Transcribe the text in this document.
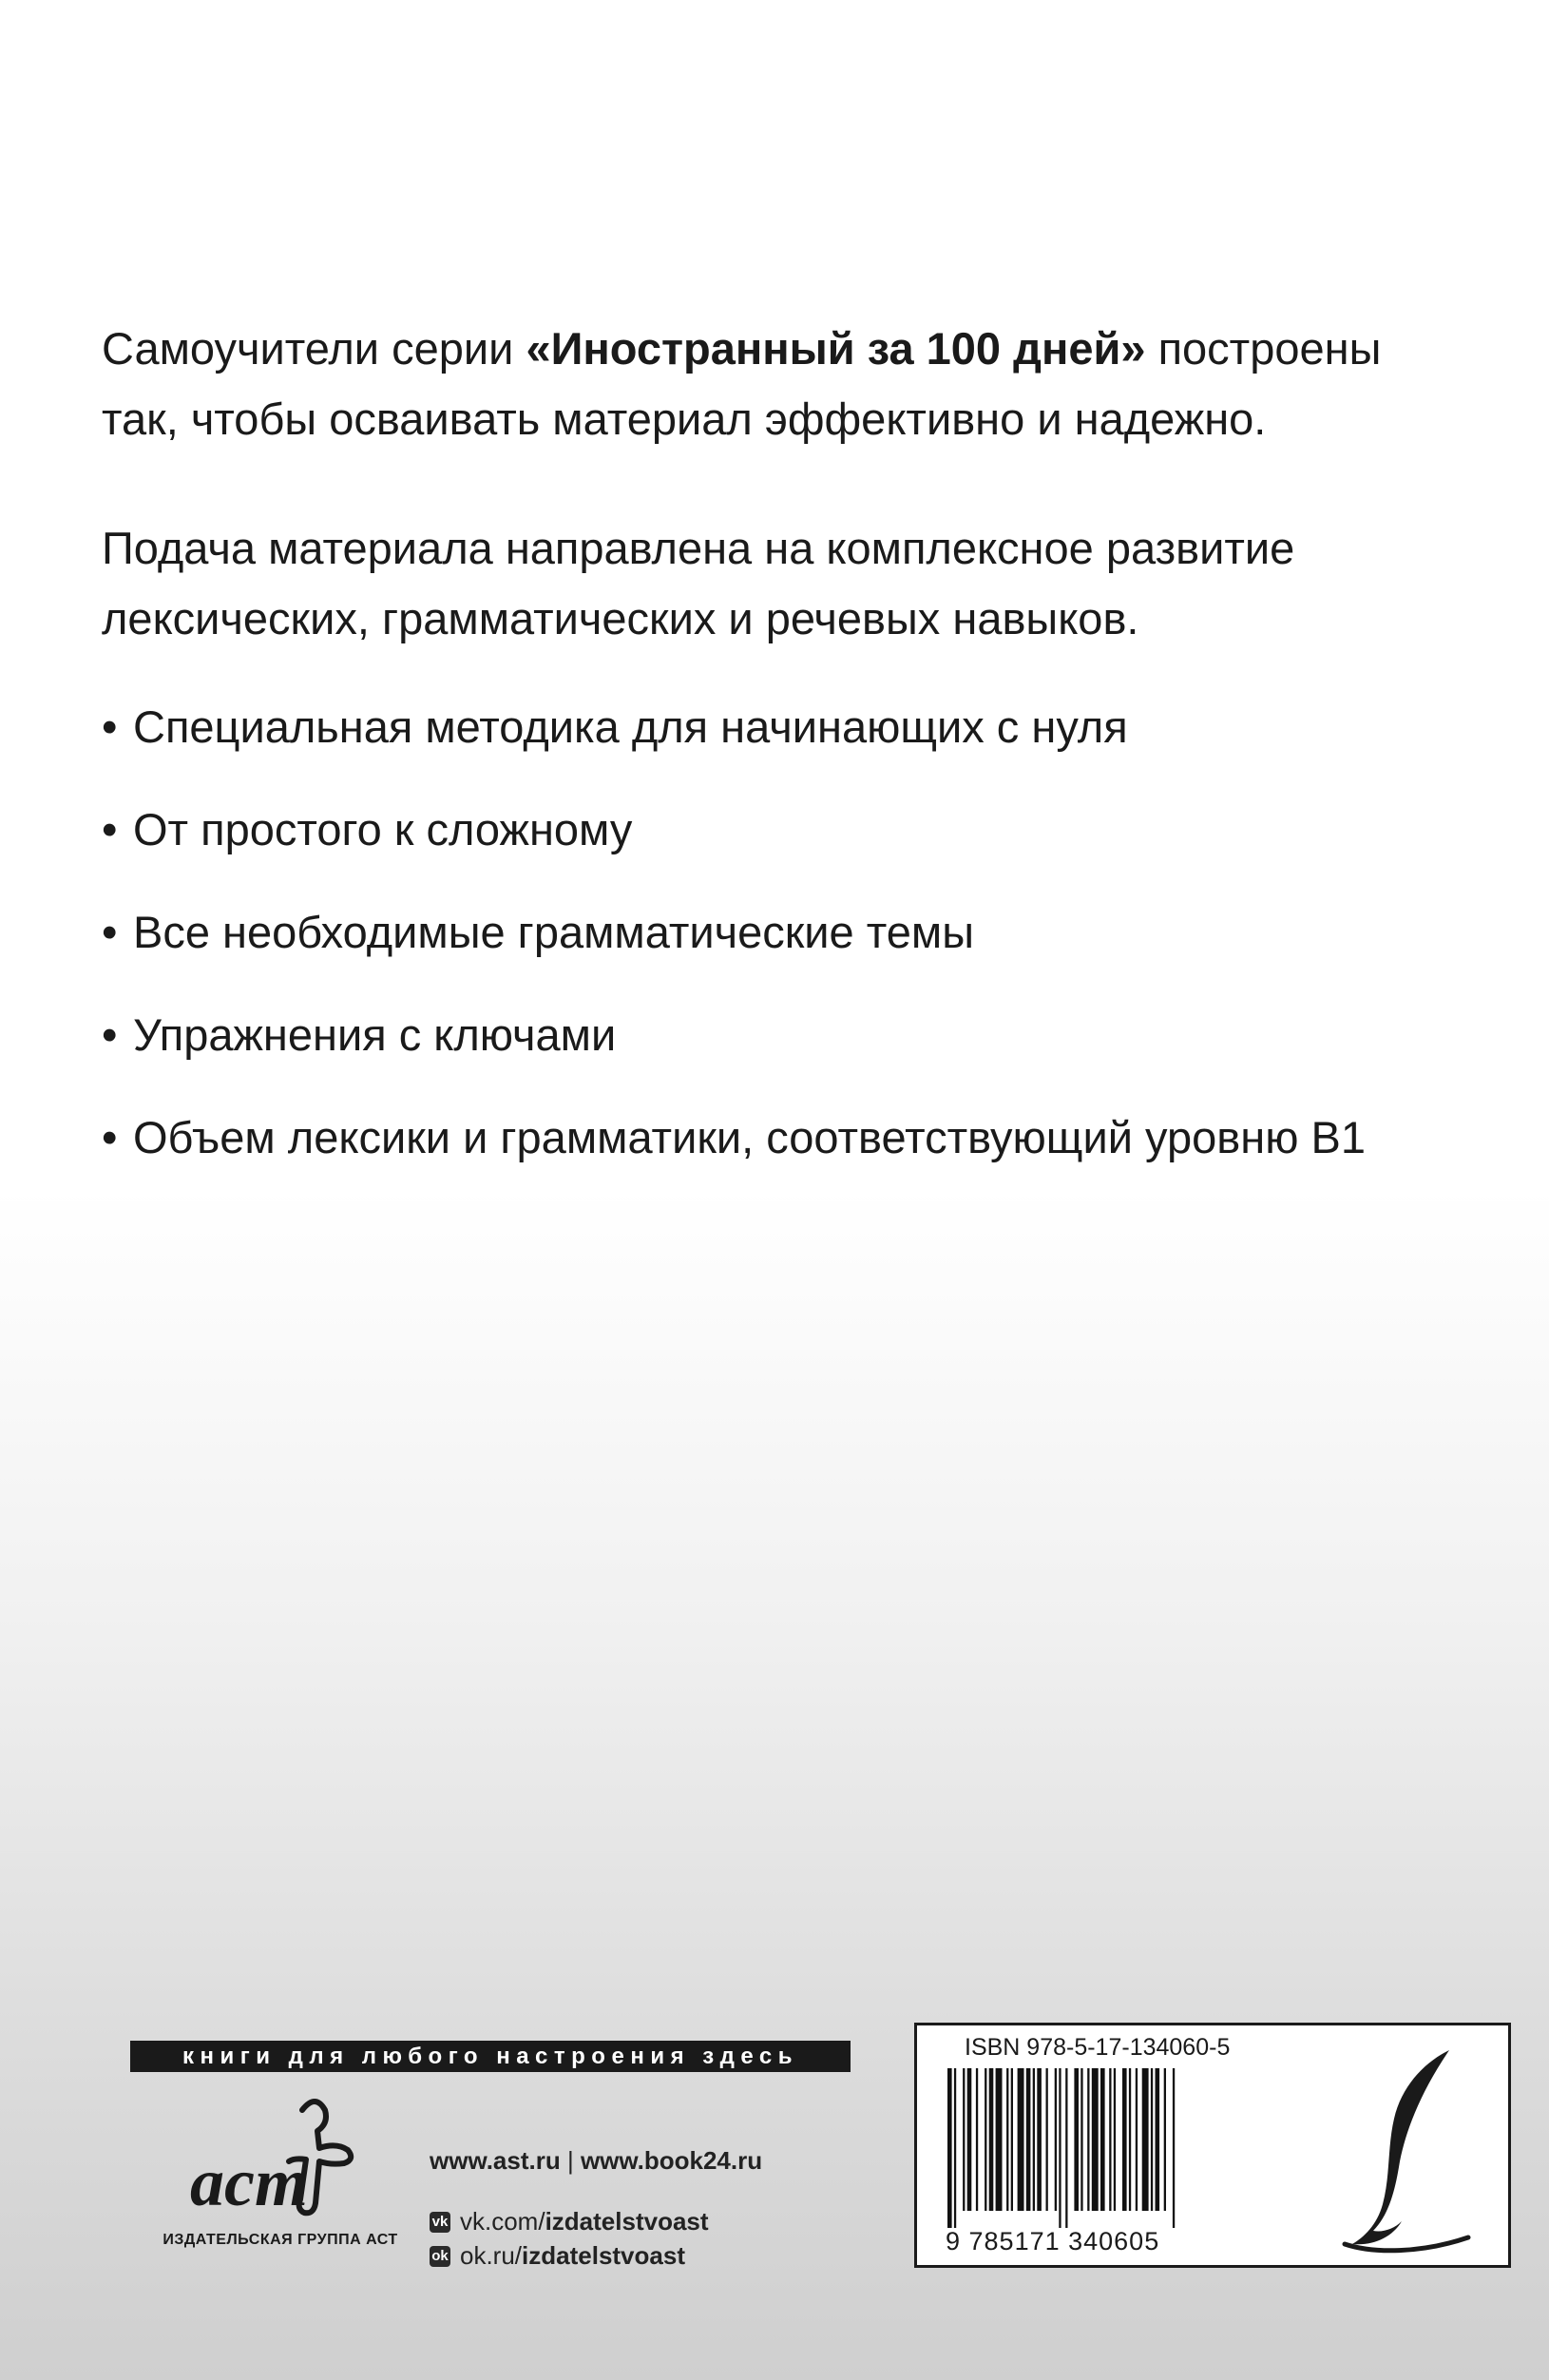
Самоучители серии «Иностранный за 100 дней» построены так, чтобы осваивать материал эффективно и надежно.

Подача материала направлена на комплексное развитие лексических, грамматических и речевых навыков.

• Специальная методика для начинающих с нуля
• От простого к сложному
• Все необходимые грамматические темы
• Упражнения с ключами
• Объем лексики и грамматики, соответствующий уровню B1
книги для любого настроения здесь
аст
ИЗДАТЕЛЬСКАЯ ГРУППА АСТ
www.ast.ru | www.book24.ru
vk vk.com/ izdatelstvoast
ok ok.ru/ izdatelstvoast
ISBN 978-5-17-134060-5
9 785171 340605
